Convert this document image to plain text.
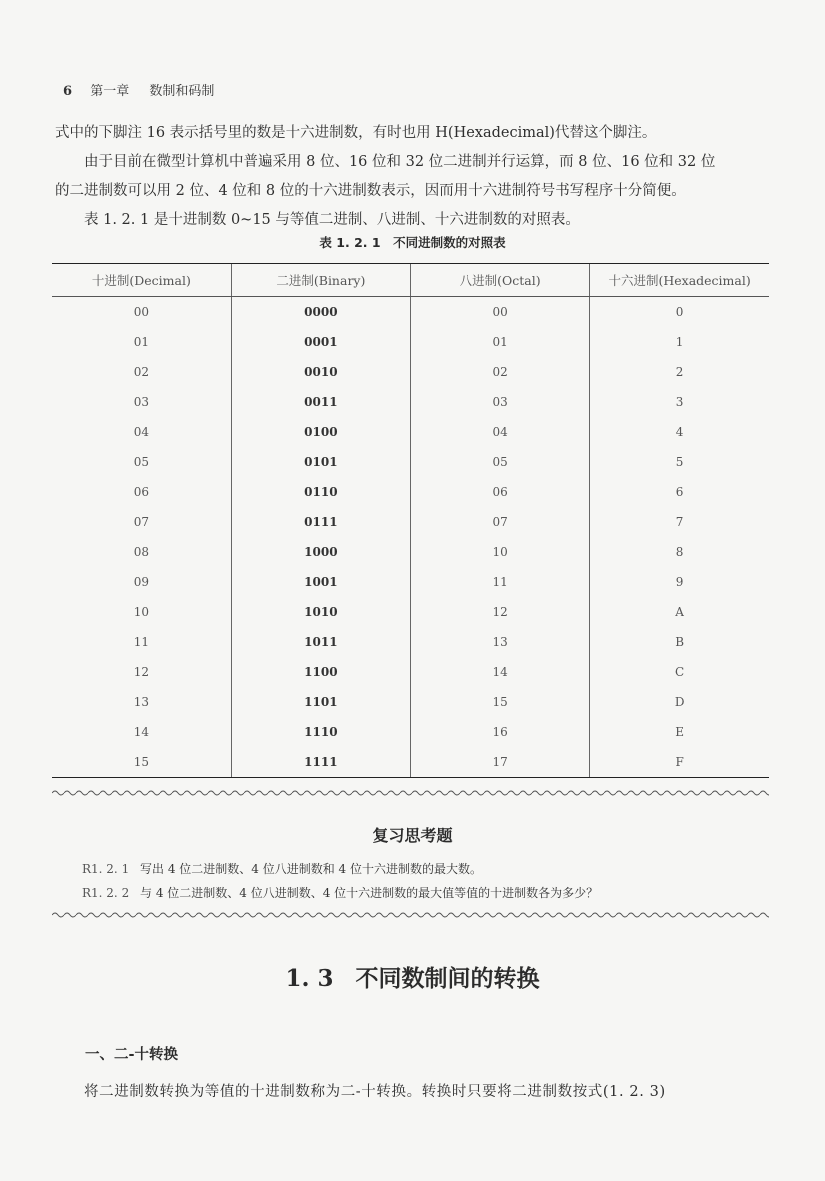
6 第一章 数制和码制
式中的下脚注 16 表示括号里的数是十六进制数，有时也用 H(Hexadecimal)代替这个脚注。
由于目前在微型计算机中普遍采用 8 位、16 位和 32 位二进制并行运算，而 8 位、16 位和 32 位
的二进制数可以用 2 位、4 位和 8 位的十六进制数表示，因而用十六进制符号书写程序十分简便。
表 1. 2. 1 是十进制数 0~15 与等值二进制、八进制、十六进制数的对照表。
表 1. 2. 1　不同进制数的对照表
十进制(Decimal)	二进制(Binary)	八进制(Octal)	十六进制(Hexadecimal)
00	0000	00	0
01	0001	01	1
02	0010	02	2
03	0011	03	3
04	0100	04	4
05	0101	05	5
06	0110	06	6
07	0111	07	7
08	1000	10	8
09	1001	11	9
10	1010	12	A
11	1011	13	B
12	1100	14	C
13	1101	15	D
14	1110	16	E
15	1111	17	F
复习思考题
R1. 2. 1 写出 4 位二进制数、4 位八进制数和 4 位十六进制数的最大数。
R1. 2. 2 与 4 位二进制数、4 位八进制数、4 位十六进制数的最大值等值的十进制数各为多少？
1. 3 不同数制间的转换
一、二-十转换
将二进制数转换为等值的十进制数称为二-十转换。转换时只要将二进制数按式(1. 2. 3)
